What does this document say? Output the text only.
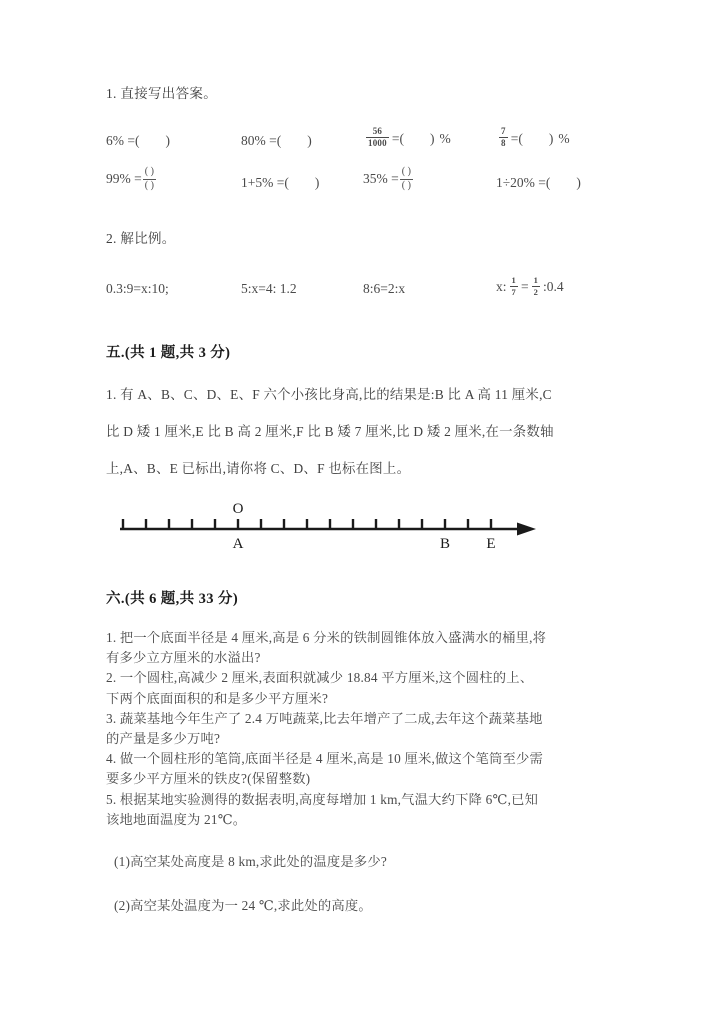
1. 直接写出答案。
6% = ( )	80% = ( )	$\frac{56}{1000}$ = ( ) %	$\frac{7}{8}$ = ( ) %
$99\% = \frac{( )}{( )}$	1+5% = ( )	$35\% = \frac{( )}{( )}$	1÷20% = ( )
2. 解比例。
0.3:9=x:10;	5:x=4: 1.2	8:6=2:x	x: $\frac{1}{7} = \frac{1}{2}$ :0.4
五.(共 1 题,共 3 分)
1. 有 A、B、C、D、E、F 六个小孩比身高,比的结果是:B 比 A 高 11 厘米,C
比 D 矮 1 厘米,E 比 B 高 2 厘米,F 比 B 矮 7 厘米,比 D 矮 2 厘米,在一条数轴
上,A、B、E 已标出,请你将 C、D、F 也标在图上。
O
A	B E
六.(共 6 题,共 33 分)
1. 把一个底面半径是 4 厘米,高是 6 分米的铁制圆锥体放入盛满水的桶里,将
有多少立方厘米的水溢出?
2. 一个圆柱,高减少 2 厘米,表面积就减少 18.84 平方厘米,这个圆柱的上、
下两个底面面积的和是多少平方厘米?
3. 蔬菜基地今年生产了 2.4 万吨蔬菜,比去年增产了二成,去年这个蔬菜基地
的产量是多少万吨?
4. 做一个圆柱形的笔筒,底面半径是 4 厘米,高是 10 厘米,做这个笔筒至少需
要多少平方厘米的铁皮?(保留整数)
5. 根据某地实验测得的数据表明,高度每增加 1 km,气温大约下降 6℃,已知
该地地面温度为 21℃。
(1)高空某处高度是 8 km,求此处的温度是多少?
(2)高空某处温度为一 24 ℃,求此处的高度。
